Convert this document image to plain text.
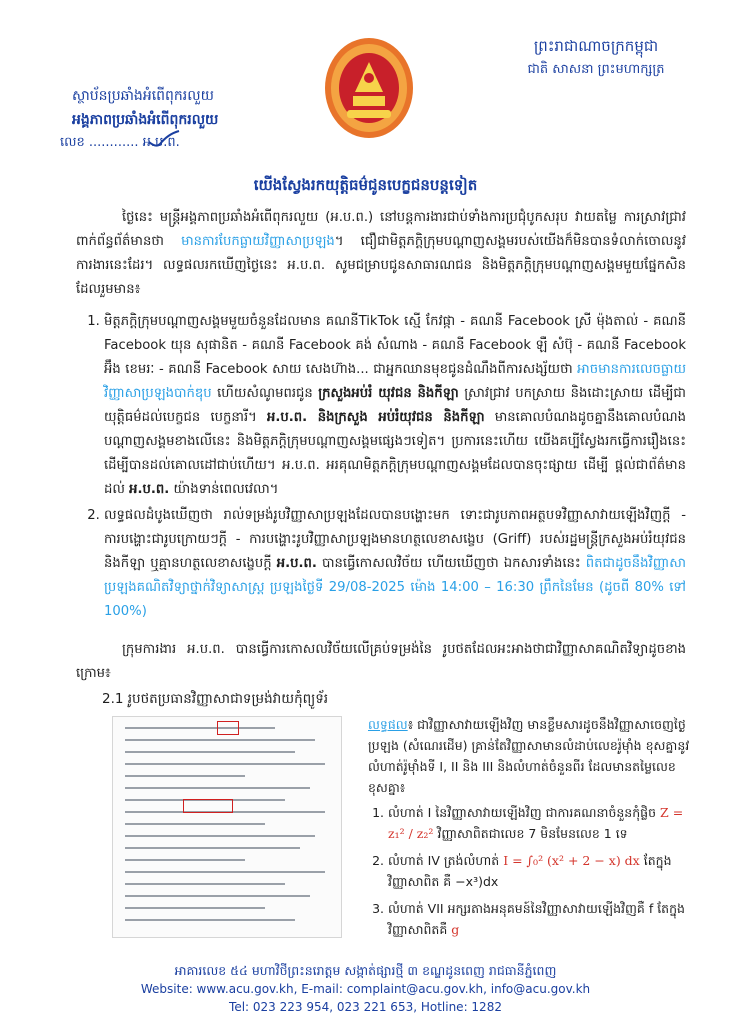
ព្រះរាជាណាចក្រកម្ពុជា
ជាតិ សាសនា ព្រះមហាក្សត្រ
ស្ថាប័នប្រឆាំងអំពើពុករលួយ
អង្គភាពប្រឆាំងអំពើពុករលួយ
លេខ ............ អ.ប.ព.
យើងស្វែងរកយុត្តិធម៌ជូនបេក្ខជនបន្តទៀត
ថ្ងៃនេះ មន្ត្រីអង្គភាពប្រឆាំងអំពើពុករលួយ (អ.ប.ព.) នៅបន្តការងារជាប់ទាំងការប្រជុំបូកសរុប វាយតម្លៃ ការស្រាវជ្រាវពាក់ព័ន្ធព័ត៌មានថា មានការបែកធ្លាយវិញ្ញាសាប្រឡង។ ជឿជាមិត្តភក្តិក្រុមបណ្ដាញសង្គមរបស់យើងក៏មិនបានទំលាក់ចោលនូវការងារនេះដែរ។ លទ្ធផលរកឃើញថ្ងៃនេះ អ.ប.ព. សូមជម្រាបជូនសាធារណជន និងមិត្តភក្តិក្រុមបណ្ដាញសង្គមមួយផ្នែកសិនដែលរួមមាន៖
1. មិត្តភក្តិក្រុមបណ្ដាញសង្គមមួយចំនួនដែលមាន គណនីTikTok ស្មើ កែវផ្កា - គណនី Facebook ស្រី ម៉ុងតាល់ - គណនី Facebook យុន សុផានិត - គណនី Facebook គង់ សំណាង - គណនី Facebook ឡឺ សំប៊ុ - គណនី Facebook អ៊ឹង ខេមរៈ - គណនី Facebook សាយ សេងហ៊ាង... ជាអ្នកឈានមុខជូនដំណឹងពីការសង្ស័យថា អាចមានការលេចធ្លាយវិញ្ញាសាប្រឡងបាក់ឌុប ហើយសំណូមពរជូន ក្រសួងអប់រំ យុវជន និងកីឡា ស្រាវជ្រាវ បកស្រាយ និងដោះស្រាយ ដើម្បីជាយុត្តិធម៌ដល់បេក្ខជន បេក្ខនារី។ អ.ប.ព. និងក្រសួង អប់រំយុវជន និងកីឡា មានគោលបំណងដូចគ្នានឹងគោលបំណងបណ្ដាញសង្គមខាងលើនេះ និងមិត្តភក្តិក្រុមបណ្ដាញសង្គមផ្សេងៗទៀត។ ប្រការនេះហើយ យើងគប្បីស្វែងរកធ្វើការរឿងនេះដើម្បីបានដល់គោលដៅជាប់ហើយ។ អ.ប.ព. អរគុណមិត្តភក្តិក្រុមបណ្ដាញសង្គមដែលបានចុះផ្សាយ ដើម្បី ផ្ដល់ជាព័ត៌មានដល់ អ.ប.ព. យ៉ាងទាន់ពេលវេលា។
2. លទ្ធផលដំបូងឃើញថា រាល់ទម្រង់រូបវិញ្ញាសាប្រឡងដែលបានបង្ហោះមក ទោះជារូបភាពអត្ថបទវិញ្ញាសាវាយឡើងវិញក្តី - ការបង្ហោះជារូបក្រោយៗក្តី - ការបង្ហោះរូបវិញ្ញាសាប្រឡងមានហត្ថលេខាសង្ខេប (Griff) របស់រដ្ឋមន្ត្រីក្រសួងអប់រំយុវជន និងកីឡា ឬគ្មានហត្ថលេខាសង្ខេបក្តី អ.ប.ព. បានធ្វើកោសលវិច័យ ហើយឃើញថា ឯកសារទាំងនេះ ពិតជាដូចនឹងវិញ្ញាសាប្រឡងគណិតវិទ្យាថ្នាក់វិទ្យាសាស្ត្រ ប្រឡងថ្ងៃទី 29/08-2025 ម៉ោង 14:00 – 16:30 ព្រឹកនៃមែន (ដូចពី 80% ទៅ 100%)
ក្រុមការងារ អ.ប.ព. បានធ្វើការកោសលវិច័យលើគ្រប់ទម្រង់នៃ រូបថតដែលអះអាងថាជាវិញ្ញាសាគណិតវិទ្យាដូចខាងក្រោម៖
2.1 រូបថតប្រធានវិញ្ញាសាជាទម្រង់វាយកុំព្យូទ័រ
លទ្ធផល៖ ជាវិញ្ញាសាវាយឡើងវិញ មានខ្លឹមសារដូចនឹងវិញ្ញាសាចេញថ្ងៃប្រឡង (សំណេរដើម) គ្រាន់តែវិញ្ញាសាមានលំដាប់លេខរ៉ូម៉ាំង ខុសគ្នានូវលំហាត់រ៉ូម៉ាំងទី I, II និង III និងលំហាត់ចំនួនពីរ ដែលមានតម្លៃលេខខុសគ្នា៖
1. លំហាត់ I នៃវិញ្ញាសាវាយឡើងវិញ ជាការគណនាចំនួនកុំផ្លិច Z = z₁² / z₂² វិញ្ញាសាពិតជាលេខ 7 មិនមែនលេខ 1 ទេ
2. លំហាត់ IV ត្រង់លំហាត់ I = ∫₀² (x² + 2 − x) dx តែក្នុងវិញ្ញាសាពិត គឺ −x³)dx
3. លំហាត់ VII អក្សរតាងអនុគមន៍នៃវិញ្ញាសាវាយឡើងវិញគឺ f តែក្នុងវិញ្ញាសាពិតគឺ g
អាគារលេខ ៥៤ មហាវិថីព្រះនរោត្តម សង្កាត់ផ្សារថ្មី ៣ ខណ្ឌដូនពេញ រាជធានីភ្នំពេញ
Website: www.acu.gov.kh, E-mail: complaint@acu.gov.kh, info@acu.gov.kh
Tel: 023 223 954, 023 221 653, Hotline: 1282
